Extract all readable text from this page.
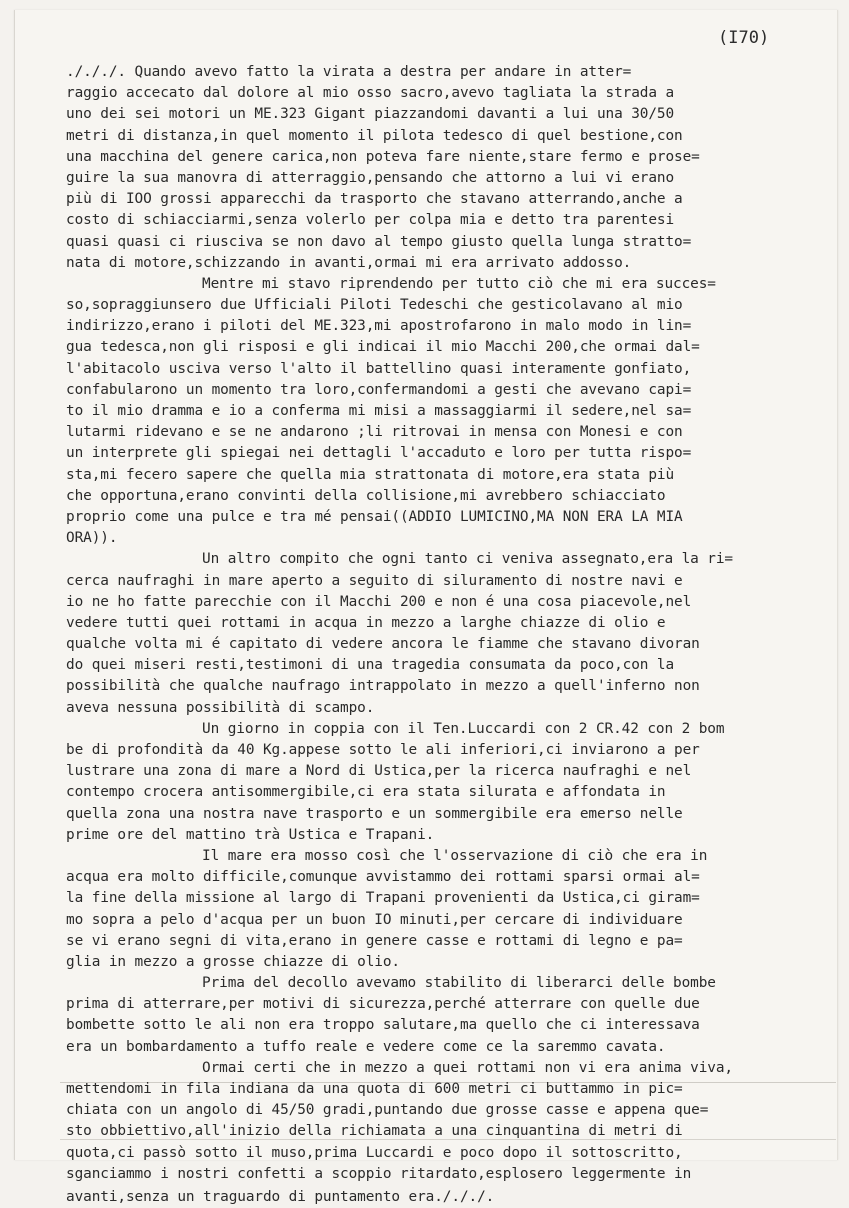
(I70)

./././. Quando avevo fatto la virata a destra per andare in atter=
raggio accecato dal dolore al mio osso sacro,avevo tagliata la strada a
uno dei sei motori un ME.323 Gigant piazzandomi davanti a lui una 30/50
metri di distanza,in quel momento il pilota tedesco di quel bestione,con
una macchina del genere carica,non poteva fare niente,stare fermo e prose=
guire la sua manovra di atterraggio,pensando che attorno a lui vi erano
più di IOO grossi apparecchi da trasporto che stavano atterrando,anche a
costo di schiacciarmi,senza volerlo per colpa mia e detto tra parentesi
quasi quasi ci riusciva se non davo al tempo giusto quella lunga stratto=
nata di motore,schizzando in avanti,ormai mi era arrivato addosso.
Mentre mi stavo riprendendo per tutto ciò che mi era succes=
so,sopraggiunsero due Ufficiali Piloti Tedeschi che gesticolavano al mio
indirizzo,erano i piloti del ME.323,mi apostrofarono in malo modo in lin=
gua tedesca,non gli risposi e gli indicai il mio Macchi 200,che ormai dal=
l'abitacolo usciva verso l'alto il battellino quasi interamente gonfiato,
confabularono un momento tra loro,confermandomi a gesti che avevano capi=
to il mio dramma e io a conferma mi misi a massaggiarmi il sedere,nel sa=
lutarmi ridevano e se ne andarono ;li ritrovai in mensa con Monesi e con
un interprete gli spiegai nei dettagli l'accaduto e loro per tutta rispo=
sta,mi fecero sapere che quella mia strattonata di motore,era stata più
che opportuna,erano convinti della collisione,mi avrebbero schiacciato
proprio come una pulce e tra mé pensai((ADDIO LUMICINO,MA NON ERA LA MIA
ORA)).
Un altro compito che ogni tanto ci veniva assegnato,era la ri=
cerca naufraghi in mare aperto a seguito di siluramento di nostre navi e
io ne ho fatte parecchie con il Macchi 200 e non é una cosa piacevole,nel
vedere tutti quei rottami in acqua in mezzo a larghe chiazze di olio e
qualche volta mi é capitato di vedere ancora le fiamme che stavano divoran
do quei miseri resti,testimoni di una tragedia consumata da poco,con la
possibilità che qualche naufrago intrappolato in mezzo a quell'inferno non
aveva nessuna possibilità di scampo.
Un giorno in coppia con il Ten.Luccardi con 2 CR.42 con 2 bom
be di profondità da 40 Kg.appese sotto le ali inferiori,ci inviarono a per
lustrare una zona di mare a Nord di Ustica,per la ricerca naufraghi e nel
contempo crocera antisommergibile,ci era stata silurata e affondata in
quella zona una nostra nave trasporto e un sommergibile era emerso nelle
prime ore del mattino trà Ustica e Trapani.
Il mare era mosso così che l'osservazione di ciò che era in
acqua era molto difficile,comunque avvistammo dei rottami sparsi ormai al=
la fine della missione al largo di Trapani provenienti da Ustica,ci giram=
mo sopra a pelo d'acqua per un buon IO minuti,per cercare di individuare
se vi erano segni di vita,erano in genere casse e rottami di legno e pa=
glia in mezzo a grosse chiazze di olio.
Prima del decollo avevamo stabilito di liberarci delle bombe
prima di atterrare,per motivi di sicurezza,perché atterrare con quelle due
bombette sotto le ali non era troppo salutare,ma quello che ci interessava
era un bombardamento a tuffo reale e vedere come ce la saremmo cavata.
Ormai certi che in mezzo a quei rottami non vi era anima viva,
mettendomi in fila indiana da una quota di 600 metri ci buttammo in pic=
chiata con un angolo di 45/50 gradi,puntando due grosse casse e appena que=
sto obbiettivo,all'inizio della richiamata a una cinquantina di metri di
quota,ci passò sotto il muso,prima Luccardi e poco dopo il sottoscritto,
sganciammo i nostri confetti a scoppio ritardato,esplosero leggermente in
avanti,senza un traguardo di puntamento era./././.
